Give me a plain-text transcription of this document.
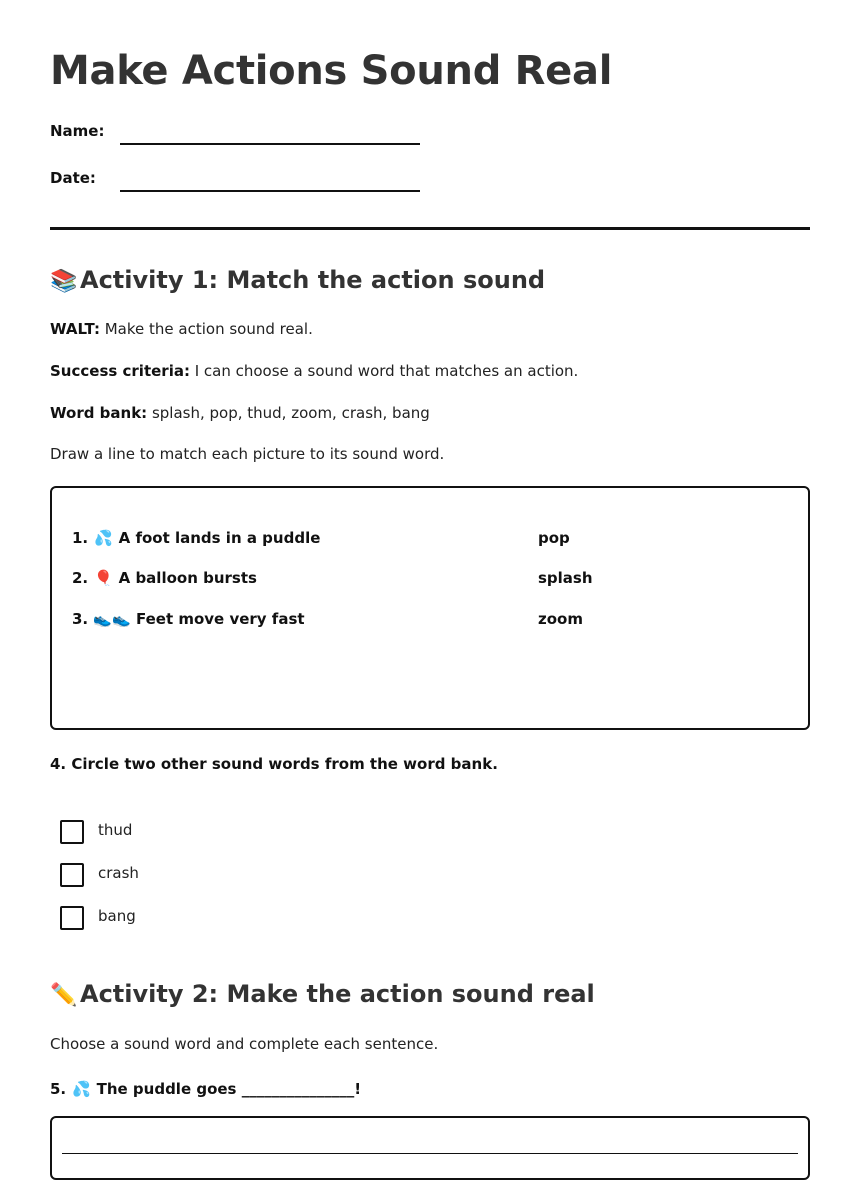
Make Actions Sound Real
Name:
Date:
📚 Activity 1: Match the action sound
WALT: Make the action sound real.
Success criteria: I can choose a sound word that matches an action.
Word bank: splash, pop, thud, zoom, crash, bang
Draw a line to match each picture to its sound word.
1. 💦 A foot lands in a puddle
2. 🎈 A balloon bursts
3. 👟👟 Feet move very fast
pop
splash
zoom
4. Circle two other sound words from the word bank.
thud
crash
bang
✏️ Activity 2: Make the action sound real
Choose a sound word and complete each sentence.
5. 💦 The puddle goes _______________!
